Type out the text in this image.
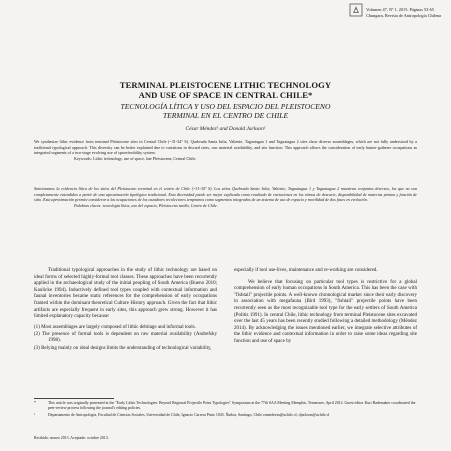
Volumen 47, Nº 1, 2015. Páginas 53-65
Chungara, Revista de Antropología Chilena
TERMINAL PLEISTOCENE LITHIC TECHNOLOGY
AND USE OF SPACE IN CENTRAL CHILE*
TECNOLOGÍA LÍTICA Y USO DEL ESPACIO DEL PLEISTOCENO
TERMINAL EN EL CENTRO DE CHILE
César Méndez¹ and Donald Jackson¹
We synthesize lithic evidence from terminal Pleistocene sites in Central Chile (~31-34° S). Quebrada Santa Julia, Valiente, Taguatagua 1 and Taguatagua 2 sites show diverse assemblages, which are not fully understood by a traditional typological approach. This diversity can be better explained due to variations in discard rates, raw material availability, and site function. This approach allows the consideration of early hunter-gatherer occupations as integrated segments of a two-stage evolving use of space/mobility system.
Keywords: Lithic technology, use of space, late Pleistocene, Central Chile.
Sintetizamos la evidencia lítica de los sitios del Pleistoceno terminal en el centro de Chile (~31-34° S). Los sitios Quebrada Santa Julia, Valiente, Taguatagua 1 y Taguatagua 2 muestran conjuntos diversos, los que no son completamente entendidos a partir de una aproximación tipológica tradicional. Esta diversidad puede ser mejor explicada como resultado de variaciones en los ritmos de descarte, disponibilidad de materias primas y función de sitio. Esta aproximación permite considerar a las ocupaciones de los cazadores recolectores tempranos como segmentos integrados de un sistema de uso de espacio y movilidad de dos fases en evolución.
Palabras claves: tecnología lítica, uso del espacio, Pleistoceno tardío, Centro de Chile.

Traditional typological approaches in the study of lithic technology are based on ideal forms of selected highly-formal tool classes. These approaches have been recurrently applied in the archaeological study of the initial peopling of South America (Bueno 2010; Kaulicke 1994). Inductively defined tool types coupled with contextual information and faunal inventories became static references for the comprehension of early occupations framed within the dominant theoretical Culture History approach. Given the fact that lithic artifacts are especially frequent in early sites, this approach grew strong. However it has limited explanatory capacity because:

(1) Most assemblages are largely composed of lithic debitage and informal tools.
(2) The presence of formal tools is dependent on raw material availability (Andrefsky 1998).
(3) Relying mainly on ideal designs limits the understanding of technological variability,

especially if tool use-lives, maintenance and re-working are considered.

We believe that focusing on particular tool types is restrictive for a global comprehension of early human occupations in South America. This has been the case with "fishtail" projectile points. A well-known chronological marker since their early discovery in association with megafauna (Bird 1993), "fishtail" projectile points have been recurrently seen as the most recognizable tool type for the early settlers of South America (Politis 1991). In central Chile, lithic technology from terminal Pleistocene sites excavated over the last 45 years has been recently studied following a detailed methodology (Méndez 2014). By acknowledging the issues mentioned earlier, we integrate selective attributes of the lithic evidence and contextual information in order to raise some ideas regarding site function and use of space by

*	This article was originally presented at the "Early Lithic Technologies: Beyond Regional Projectile Point Typologies" Symposium at the 77th SAA Meeting Memphis, Tennessee, April 2012. Guest editor Kurt Rademaker coordinated the peer-review process following the journal's editing policies.
¹	Departamento de Antropología, Facultad de Ciencias Sociales, Universidad de Chile, Ignacio Carrera Pinto 1045, Ñuñoa, Santiago, Chile.cmendezm@uchile.cl; djackson@uchile.cl
Recibido: marzo 2013. Aceptado: octubre 2013.
